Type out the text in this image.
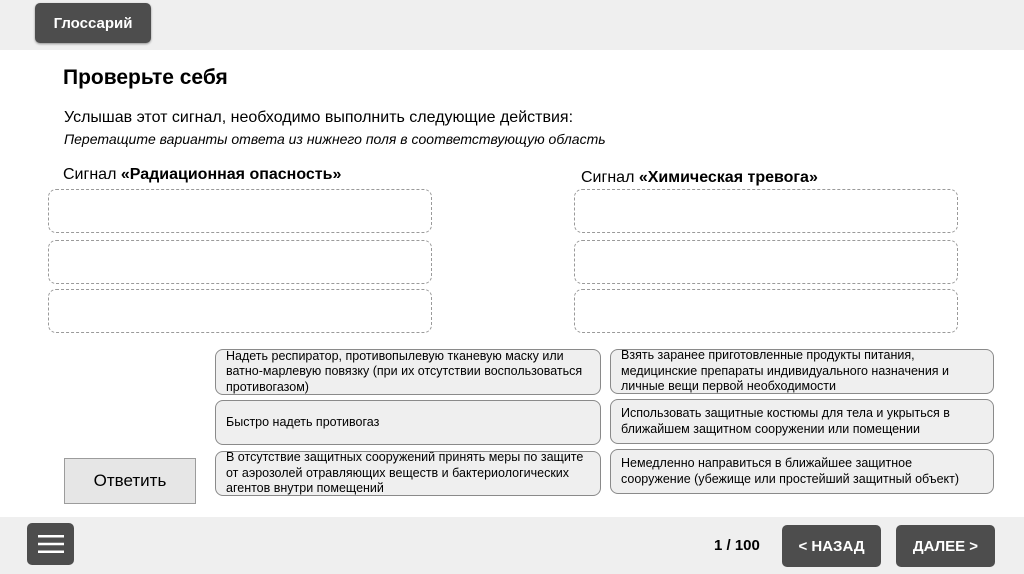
Глоссарий
Проверьте себя
Услышав этот сигнал, необходимо выполнить следующие действия:
Перетащите варианты ответа из нижнего поля в соответствующую область
Сигнал «Радиационная опасность»	Сигнал «Химическая тревога»
Надеть респиратор, противопылевую тканевую маску или ватно-марлевую повязку (при их отсутствии воспользоваться противогазом)
Быстро надеть противогаз
В отсутствие защитных сооружений принять меры по защите от аэрозолей отравляющих веществ и бактериологических агентов внутри помещений
Взять заранее приготовленные продукты питания, медицинские препараты индивидуального назначения и личные вещи первой необходимости
Использовать защитные костюмы для тела и укрыться в ближайшем защитном сооружении или помещении
Немедленно направиться в ближайшее защитное сооружение (убежище или простейший защитный объект)
Ответить
1 / 100	< НАЗАД	ДАЛЕЕ >
